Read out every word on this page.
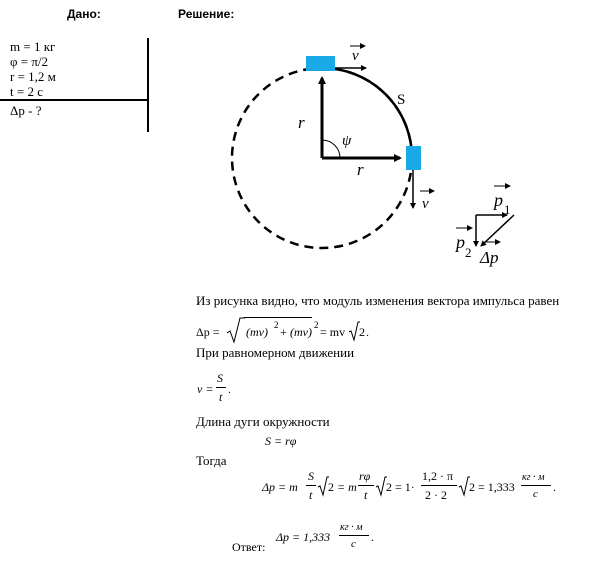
Дано:	Решение:
m = 1 кг
φ = π/2
r = 1,2 м
t = 2 с
Δp - ?
r
r
ψ
S
v
v	p 1
p
2 Δp
Из рисунка видно, что модуль изменения вектора импульса равен
Δp = (mv) 2 + (mv) 2 = mv 2 .
При равномерном движении
v =
S
t
.
Длина дуги окружности
S = rφ
Тогда
Δp = m
S
t
2 = m
rφ
t
2 = 1·
1,2 · π
2 · 2
2 = 1,333
кг · м
c .
Ответ:
Δp = 1,333
кг · м
c .
